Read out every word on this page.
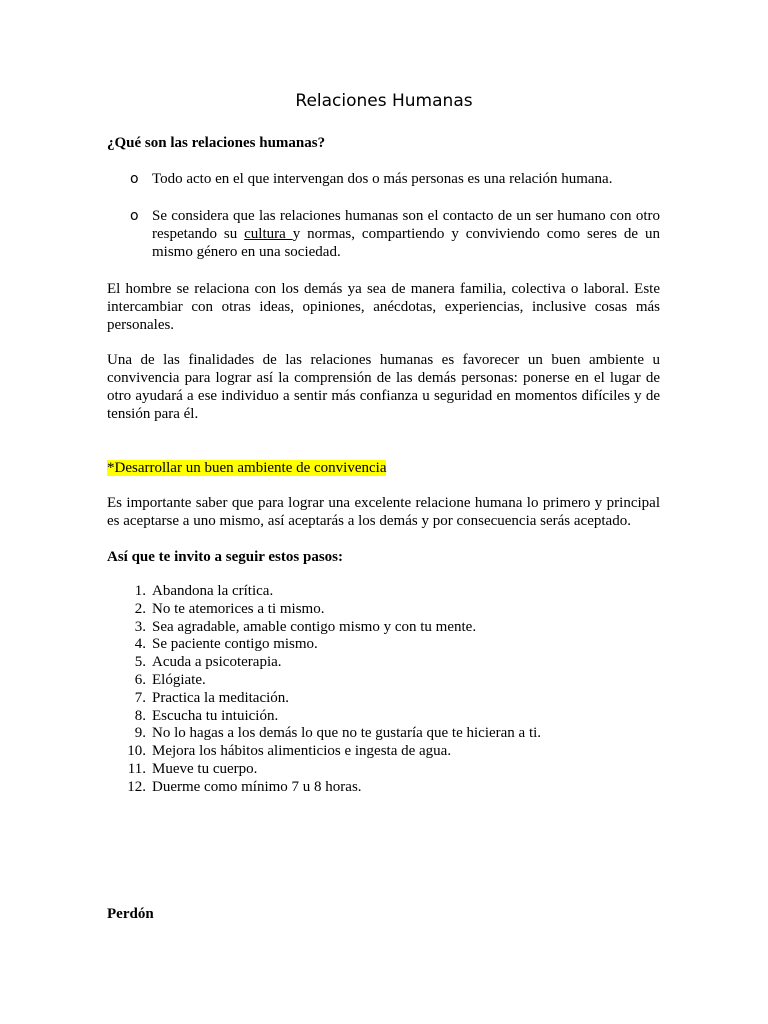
Relaciones Humanas
¿Qué son las relaciones humanas?
o Todo acto en el que intervengan dos o más personas es una relación humana.
o Se considera que las relaciones humanas son el contacto de un ser humano con otro respetando su cultura y normas, compartiendo y conviviendo como seres de un mismo género en una sociedad.
El hombre se relaciona con los demás ya sea de manera familia, colectiva o laboral. Este intercambiar con otras ideas, opiniones, anécdotas, experiencias, inclusive cosas más personales.
Una de las finalidades de las relaciones humanas es favorecer un buen ambiente u convivencia para lograr así la comprensión de las demás personas: ponerse en el lugar de otro ayudará a ese individuo a sentir más confianza u seguridad en momentos difíciles y de tensión para él.
*Desarrollar un buen ambiente de convivencia
Es importante saber que para lograr una excelente relacione humana lo primero y principal es aceptarse a uno mismo, así aceptarás a los demás y por consecuencia serás aceptado.
Así que te invito a seguir estos pasos:
1. Abandona la crítica.
2. No te atemorices a ti mismo.
3. Sea agradable, amable contigo mismo y con tu mente.
4. Se paciente contigo mismo.
5. Acuda a psicoterapia.
6. Elógiate.
7. Practica la meditación.
8. Escucha tu intuición.
9. No lo hagas a los demás lo que no te gustaría que te hicieran a ti.
10. Mejora los hábitos alimenticios e ingesta de agua.
11. Mueve tu cuerpo.
12. Duerme como mínimo 7 u 8 horas.
Perdón
